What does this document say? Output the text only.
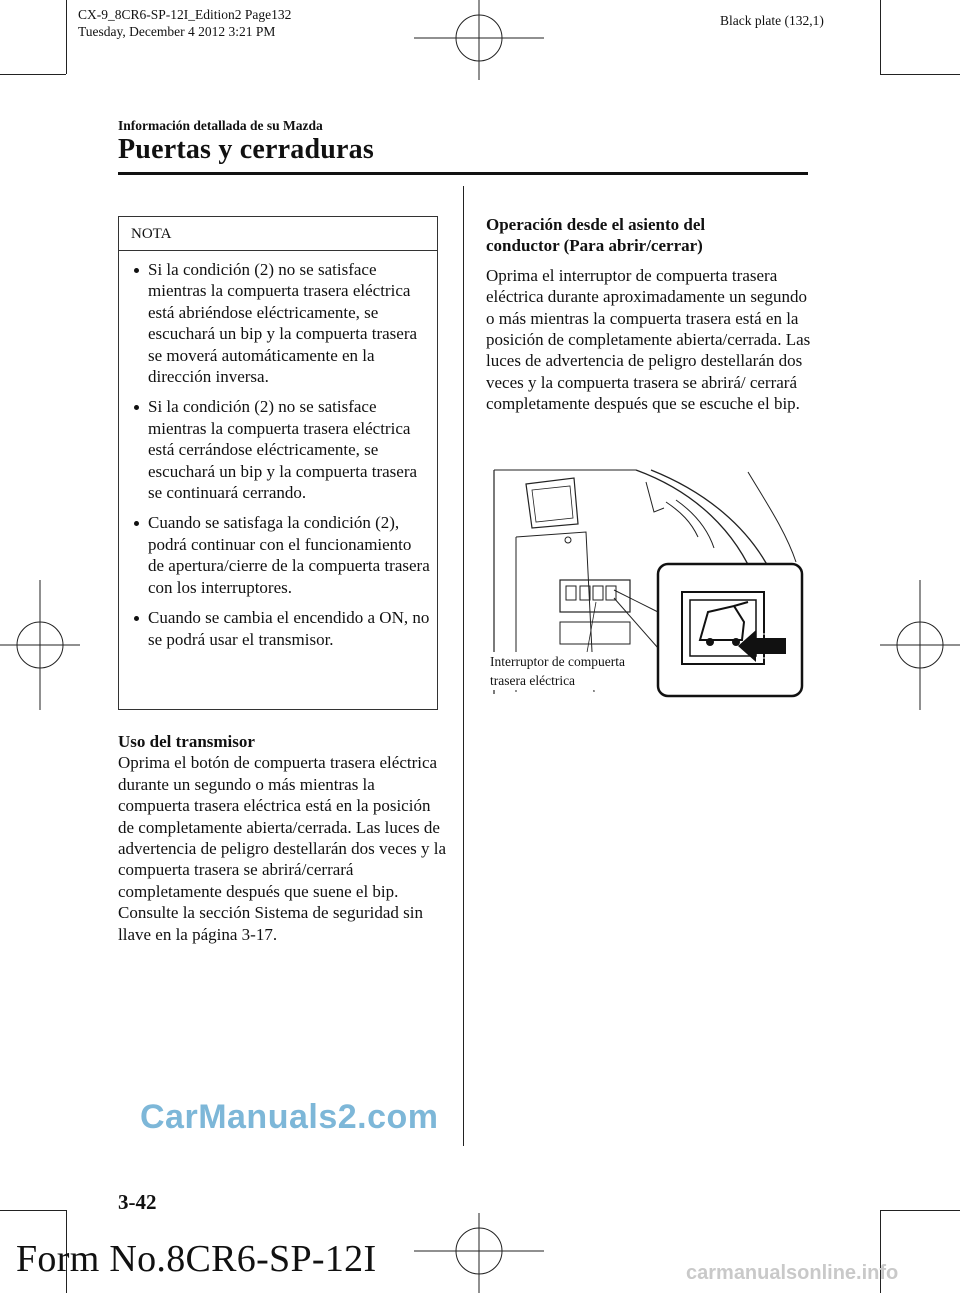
CX-9_8CR6-SP-12I_Edition2 Page132
Tuesday, December 4 2012 3:21 PM
Black plate (132,1)
Información detallada de su Mazda
Puertas y cerraduras
NOTA
Si la condición (2) no se satisface mientras la compuerta trasera eléctrica está abriéndose eléctricamente, se escuchará un bip y la compuerta trasera se moverá automáticamente en la dirección inversa.
Si la condición (2) no se satisface mientras la compuerta trasera eléctrica está cerrándose eléctricamente, se escuchará un bip y la compuerta trasera se continuará cerrando.
Cuando se satisfaga la condición (2), podrá continuar con el funcionamiento de apertura/cierre de la compuerta trasera con los interruptores.
Cuando se cambia el encendido a ON, no se podrá usar el transmisor.
Uso del transmisor
Oprima el botón de compuerta trasera eléctrica durante un segundo o más mientras la compuerta trasera eléctrica está en la posición de completamente abierta/cerrada. Las luces de advertencia de peligro destellarán dos veces y la compuerta trasera se abrirá/cerrará completamente después que suene el bip. Consulte la sección Sistema de seguridad sin llave en la página 3-17.
Operación desde el asiento del
conductor (Para abrir/cerrar)
Oprima el interruptor de compuerta trasera eléctrica durante aproximadamente un segundo o más mientras la compuerta trasera está en la posición de completamente abierta/cerrada. Las luces de advertencia de peligro destellarán dos veces y la compuerta trasera se abrirá/ cerrará completamente después que se escuche el bip.
Interruptor de compuerta
trasera eléctrica
3-42
Form No.8CR6-SP-12I
CarManuals2.com
carmanualsonline.info
